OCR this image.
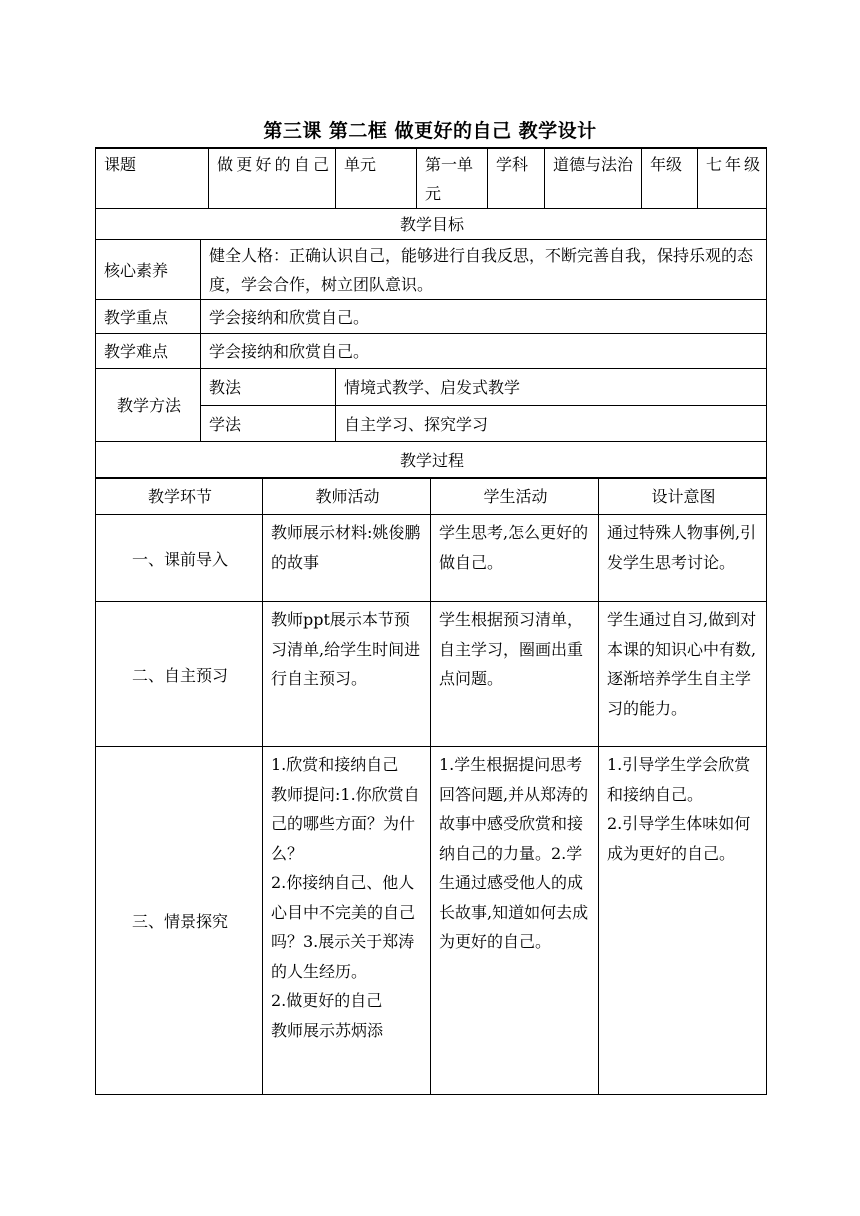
第三课 第二框 做更好的自己 教学设计
课题		做更好的自己	单元	第一单元	学科	道德与法治	年级	七年级
教学目标								
核心素养	健全人格：正确认识自己，能够进行自我反思，不断完善自我，保持乐观的态度，学会合作，树立团队意识。							
教学重点	学会接纳和欣赏自己。							
教学难点	学会接纳和欣赏自己。							
教学方法	教法		情境式教学、启发式教学					
	学法		自主学习、探究学习					
教学过程								
教学环节	教师活动	学生活动	设计意图
一、课前导入	教师展示材料:姚俊鹏的故事	学生思考,怎么更好的做自己。	通过特殊人物事例,引发学生思考讨论。
二、自主预习	教师ppt展示本节预习清单,给学生时间进行自主预习。	学生根据预习清单，自主学习，圈画出重点问题。	学生通过自习,做到对本课的知识心中有数,逐渐培养学生自主学习的能力。
三、情景探究	1.欣赏和接纳自己
教师提问:1.你欣赏自己的哪些方面？为什么？
2.你接纳自己、他人心目中不完美的自己吗？3.展示关于郑涛的人生经历。
2.做更好的自己
教师展示苏炳添	1.学生根据提问思考回答问题,并从郑涛的故事中感受欣赏和接纳自己的力量。2.学生通过感受他人的成长故事,知道如何去成为更好的自己。	1.引导学生学会欣赏和接纳自己。
2.引导学生体味如何成为更好的自己。
